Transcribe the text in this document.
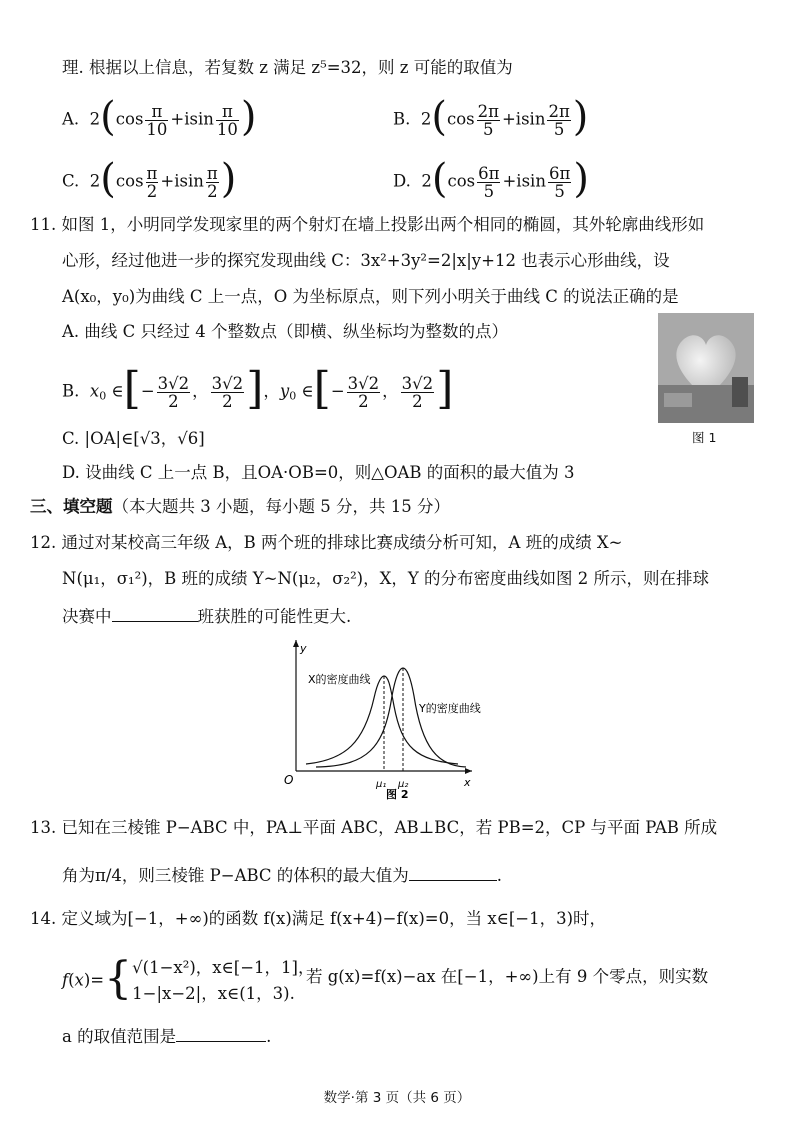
理. 根据以上信息，若复数 z 满足 z⁵=32，则 z 可能的取值为
A.  $2(\cos \frac{\pi}{10} +isin \frac{\pi}{10}$ )	B.  $2(\cos \frac{2\pi}{5} +isin \frac{2\pi}{5}$ )
C.  $2(\cos \frac{\pi}{2} +isin \frac{\pi}{2}$ )	D.  $2(\cos \frac{6\pi}{5} +isin \frac{6\pi}{5}$ )
11. 如图 1，小明同学发现家里的两个射灯在墙上投影出两个相同的椭圆，其外轮廓曲线形如
心形，经过他进一步的探究发现曲线 C：3x²+3y²=2|x|y+12 也表示心形曲线，设
A(x₀，y₀)为曲线 C 上一点，O 为坐标原点，则下列小明关于曲线 C 的说法正确的是
A. 曲线 C 只经过 4 个整数点（即横、纵坐标均为整数的点）
B.  $x_0$ ∈[− $\frac{3√2}{2}$ ， $\frac{3√2}{2}$ ]，$y_0$ ∈[− $\frac{3√2}{2}$ ， $\frac{3√2}{2}$ ]
C. |OA|∈[√3，√6]
D. 设曲线 C 上一点 B，且OA·OB=0，则△OAB 的面积的最大值为 3
图 1
三、填空题（本大题共 3 小题，每小题 5 分，共 15 分）
12. 通过对某校高三年级 A，B 两个班的排球比赛成绩分析可知，A 班的成绩 X~
N(μ₁，σ₁²)，B 班的成绩 Y~N(μ₂，σ₂²)，X，Y 的分布密度曲线如图 2 所示，则在排球
决赛中	班获胜的可能性更大.
y
x
O	μ₁ μ₂
X的密度曲线
Y的密度曲线
图 2
13. 已知在三棱锥 P−ABC 中，PA⊥平面 ABC，AB⊥BC，若 PB=2，CP 与平面 PAB 所成
角为π/4，则三棱锥 P−ABC 的体积的最大值为	.
14. 定义域为[−1，+∞)的函数 f(x)满足 f(x+4)−f(x)=0，当 x∈[−1，3)时，
f(x)={ √(1−x²)，x∈[−1，1]，
1−|x−2|，x∈(1，3).
若 g(x)=f(x)−ax 在[−1，+∞)上有 9 个零点，则实数
a 的取值范围是	.
数学·第 3 页（共 6 页）
